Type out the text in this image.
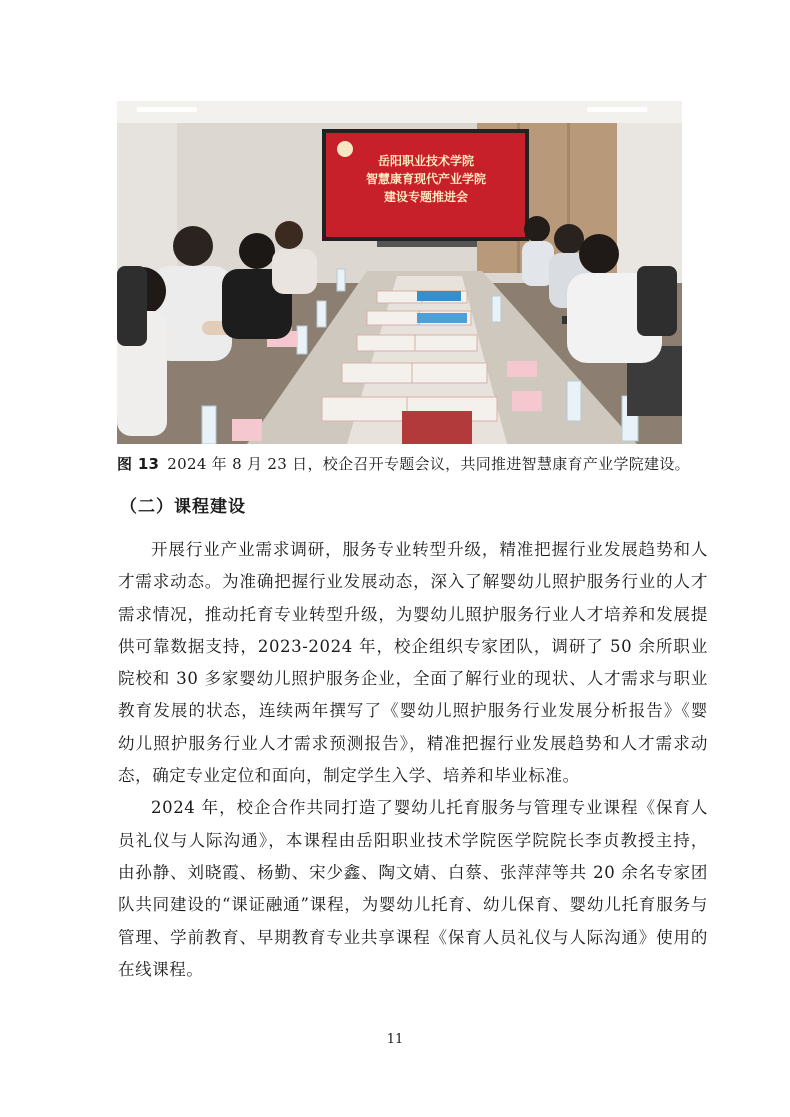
岳阳职业技术学院
智慧康育现代产业学院
建设专题推进会
图 13 2024 年 8 月 23 日，校企召开专题会议，共同推进智慧康育产业学院建设。
（二）课程建设

开展行业产业需求调研，服务专业转型升级，精准把握行业发展趋势和人才需求动态。为准确把握行业发展动态，深入了解婴幼儿照护服务行业的人才需求情况，推动托育专业转型升级，为婴幼儿照护服务行业人才培养和发展提供可靠数据支持，2023-2024 年，校企组织专家团队，调研了 50 余所职业院校和 30 多家婴幼儿照护服务企业，全面了解行业的现状、人才需求与职业教育发展的状态，连续两年撰写了《婴幼儿照护服务行业发展分析报告》《婴幼儿照护服务行业人才需求预测报告》，精准把握行业发展趋势和人才需求动态，确定专业定位和面向，制定学生入学、培养和毕业标准。

2024 年，校企合作共同打造了婴幼儿托育服务与管理专业课程《保育人员礼仪与人际沟通》，本课程由岳阳职业技术学院医学院院长李贞教授主持，由孙静、刘晓霞、杨勤、宋少鑫、陶文婧、白蔡、张萍萍等共 20 余名专家团队共同建设的“课证融通”课程，为婴幼儿托育、幼儿保育、婴幼儿托育服务与管理、学前教育、早期教育专业共享课程《保育人员礼仪与人际沟通》使用的在线课程。

11
